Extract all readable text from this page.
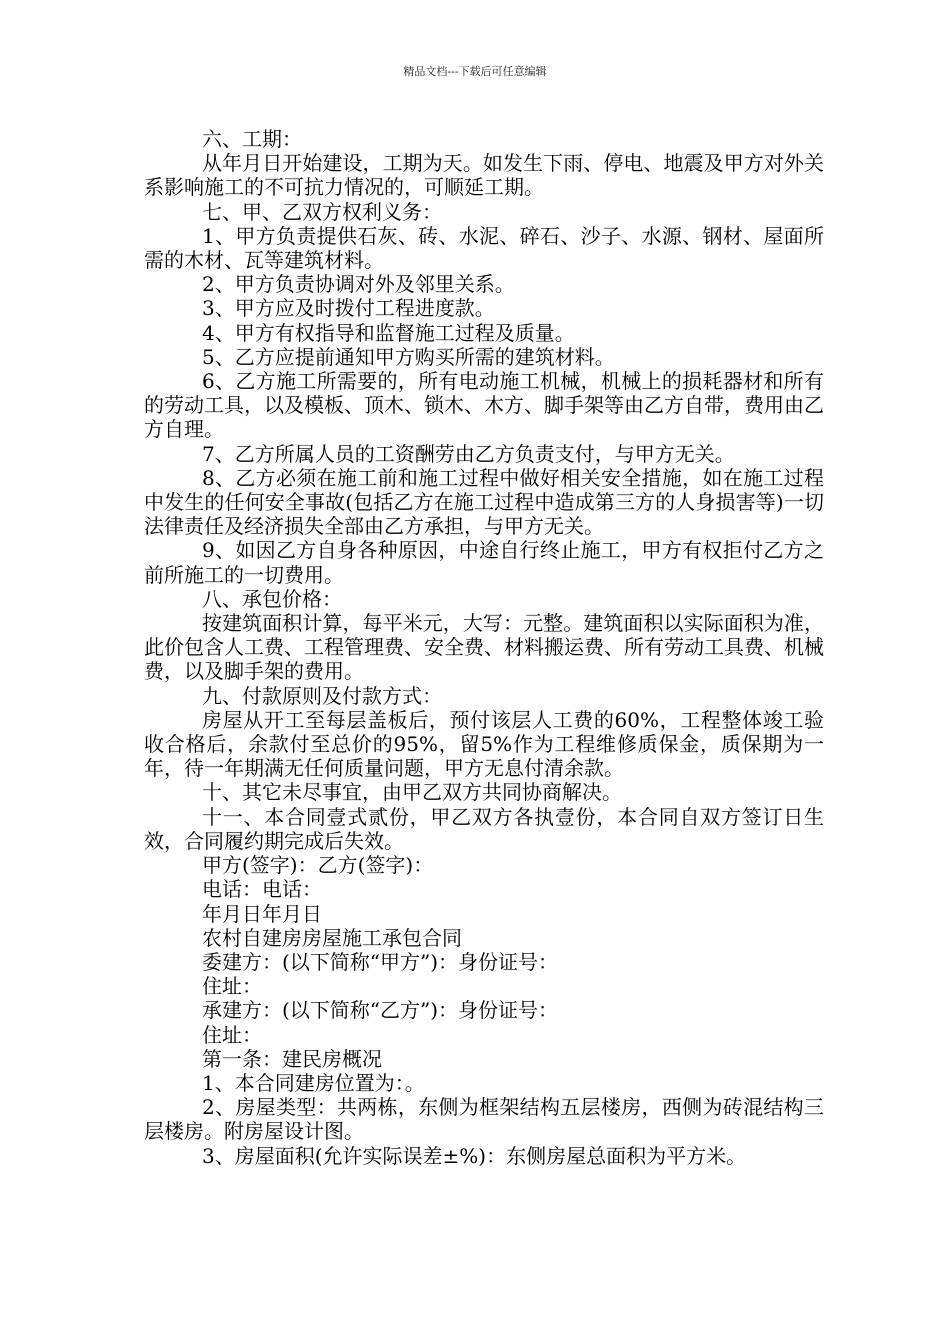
精品文档---下载后可任意编辑

六、工期：

从年月日开始建设，工期为天。如发生下雨、停电、地震及甲方对外关系影响施工的不可抗力情况的，可顺延工期。

七、甲、乙双方权利义务：

1、甲方负责提供石灰、砖、水泥、碎石、沙子、水源、钢材、屋面所需的木材、瓦等建筑材料。

2、甲方负责协调对外及邻里关系。

3、甲方应及时拨付工程进度款。

4、甲方有权指导和监督施工过程及质量。

5、乙方应提前通知甲方购买所需的建筑材料。

6、乙方施工所需要的，所有电动施工机械，机械上的损耗器材和所有的劳动工具，以及模板、顶木、锁木、木方、脚手架等由乙方自带，费用由乙方自理。

7、乙方所属人员的工资酬劳由乙方负责支付，与甲方无关。

8、乙方必须在施工前和施工过程中做好相关安全措施，如在施工过程中发生的任何安全事故(包括乙方在施工过程中造成第三方的人身损害等)一切法律责任及经济损失全部由乙方承担，与甲方无关。

9、如因乙方自身各种原因，中途自行终止施工，甲方有权拒付乙方之前所施工的一切费用。

八、承包价格：

按建筑面积计算，每平米元，大写：元整。建筑面积以实际面积为准，此价包含人工费、工程管理费、安全费、材料搬运费、所有劳动工具费、机械费，以及脚手架的费用。

九、付款原则及付款方式：

房屋从开工至每层盖板后，预付该层人工费的60%，工程整体竣工验收合格后，余款付至总价的95%，留5%作为工程维修质保金，质保期为一年，待一年期满无任何质量问题，甲方无息付清余款。

十、其它未尽事宜，由甲乙双方共同协商解决。

十一、本合同壹式贰份，甲乙双方各执壹份，本合同自双方签订日生效，合同履约期完成后失效。

甲方(签字)：乙方(签字)：

电话：电话：

年月日年月日

农村自建房房屋施工承包合同

委建方：(以下简称“甲方”)：身份证号：

住址：

承建方：(以下简称“乙方”)：身份证号：

住址：

第一条：建民房概况

1、本合同建房位置为：。

2、房屋类型：共两栋，东侧为框架结构五层楼房，西侧为砖混结构三层楼房。附房屋设计图。

3、房屋面积(允许实际误差±%)：东侧房屋总面积为平方米。
